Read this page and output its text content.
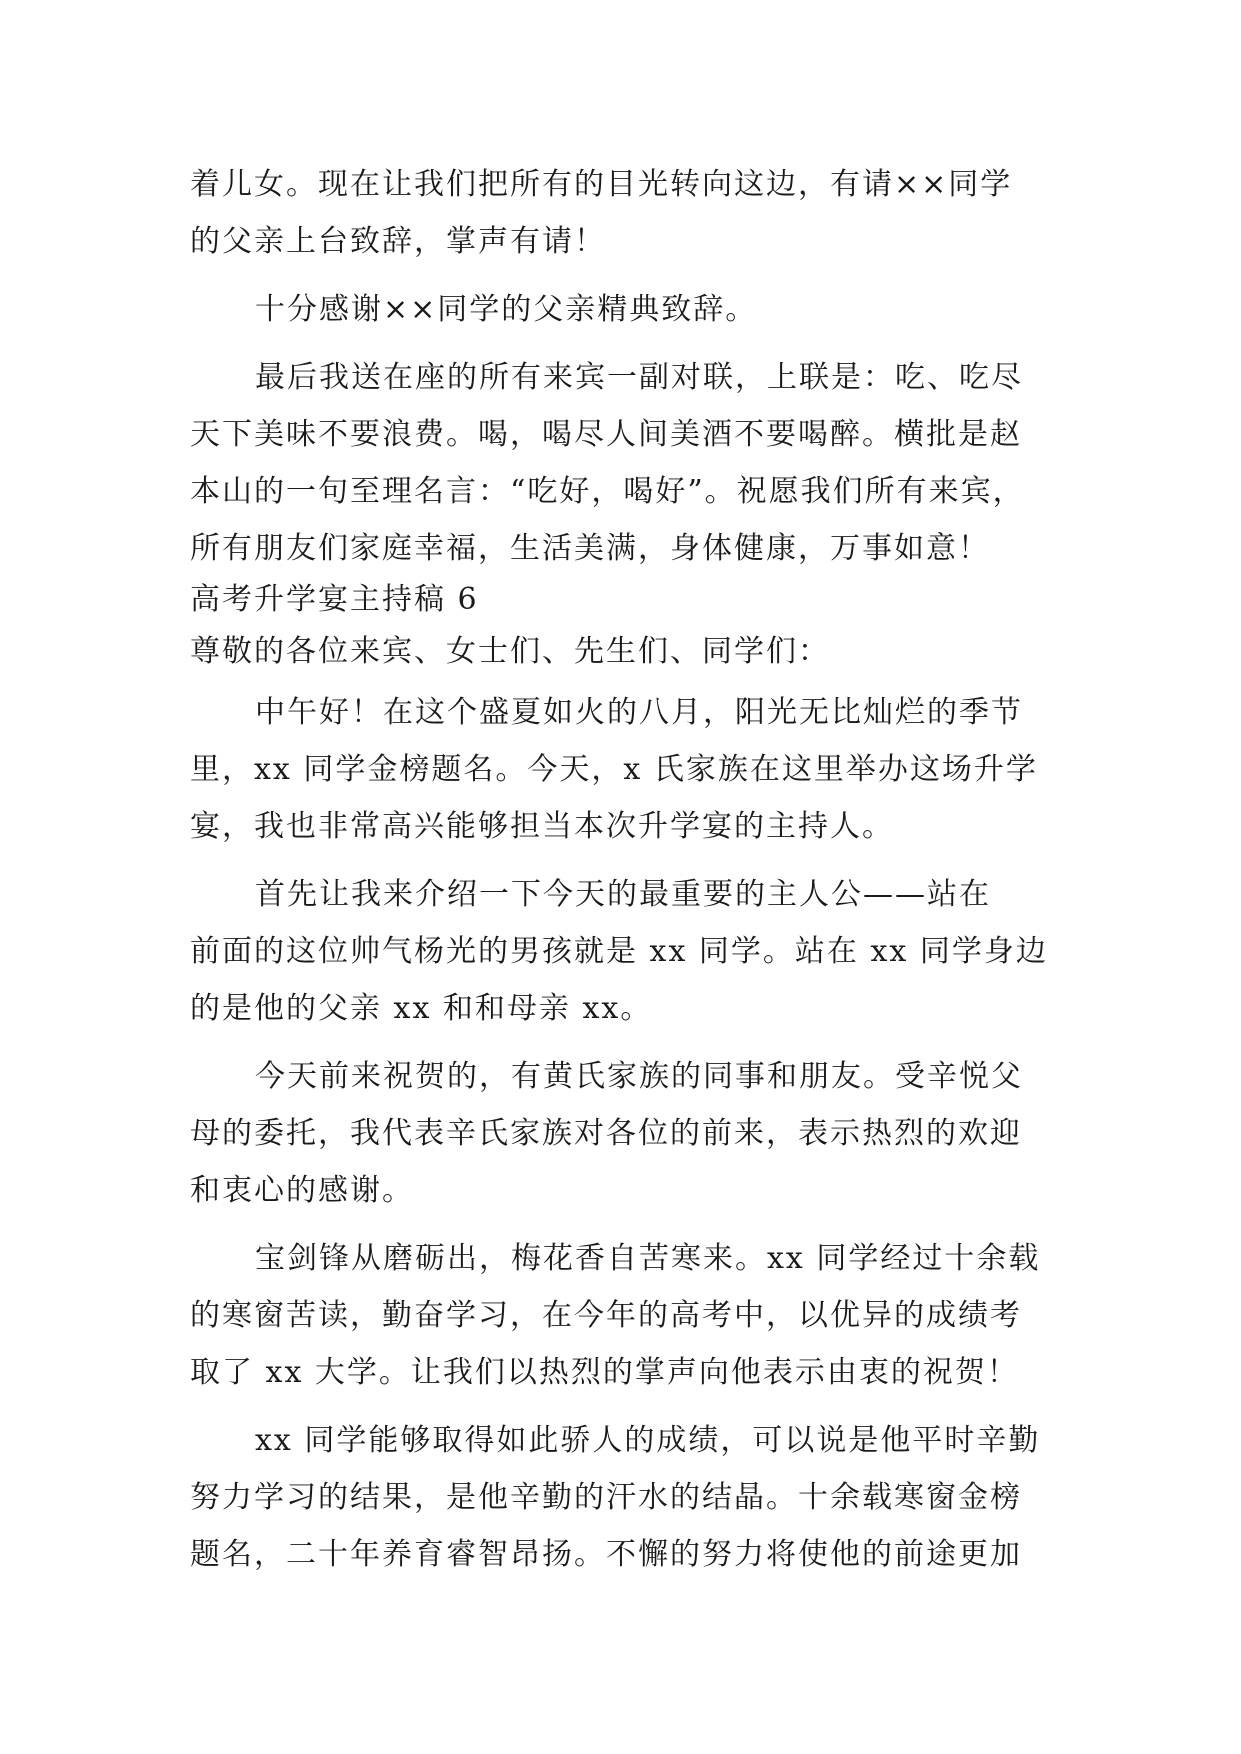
着儿女。现在让我们把所有的目光转向这边，有请××同学
的父亲上台致辞，掌声有请！
十分感谢××同学的父亲精典致辞。
最后我送在座的所有来宾一副对联，上联是：吃、吃尽
天下美味不要浪费。喝，喝尽人间美酒不要喝醉。横批是赵
本山的一句至理名言：“吃好，喝好”。祝愿我们所有来宾，
所有朋友们家庭幸福，生活美满，身体健康，万事如意！
高考升学宴主持稿 6
尊敬的各位来宾、女士们、先生们、同学们：
中午好！在这个盛夏如火的八月，阳光无比灿烂的季节
里，xx 同学金榜题名。今天，x 氏家族在这里举办这场升学
宴，我也非常高兴能够担当本次升学宴的主持人。
首先让我来介绍一下今天的最重要的主人公——站在
前面的这位帅气杨光的男孩就是 xx 同学。站在 xx 同学身边
的是他的父亲 xx 和和母亲 xx。
今天前来祝贺的，有黄氏家族的同事和朋友。受辛悦父
母的委托，我代表辛氏家族对各位的前来，表示热烈的欢迎
和衷心的感谢。
宝剑锋从磨砺出，梅花香自苦寒来。xx 同学经过十余载
的寒窗苦读，勤奋学习，在今年的高考中，以优异的成绩考
取了 xx 大学。让我们以热烈的掌声向他表示由衷的祝贺！
xx 同学能够取得如此骄人的成绩，可以说是他平时辛勤
努力学习的结果，是他辛勤的汗水的结晶。十余载寒窗金榜
题名，二十年养育睿智昂扬。不懈的努力将使他的前途更加
